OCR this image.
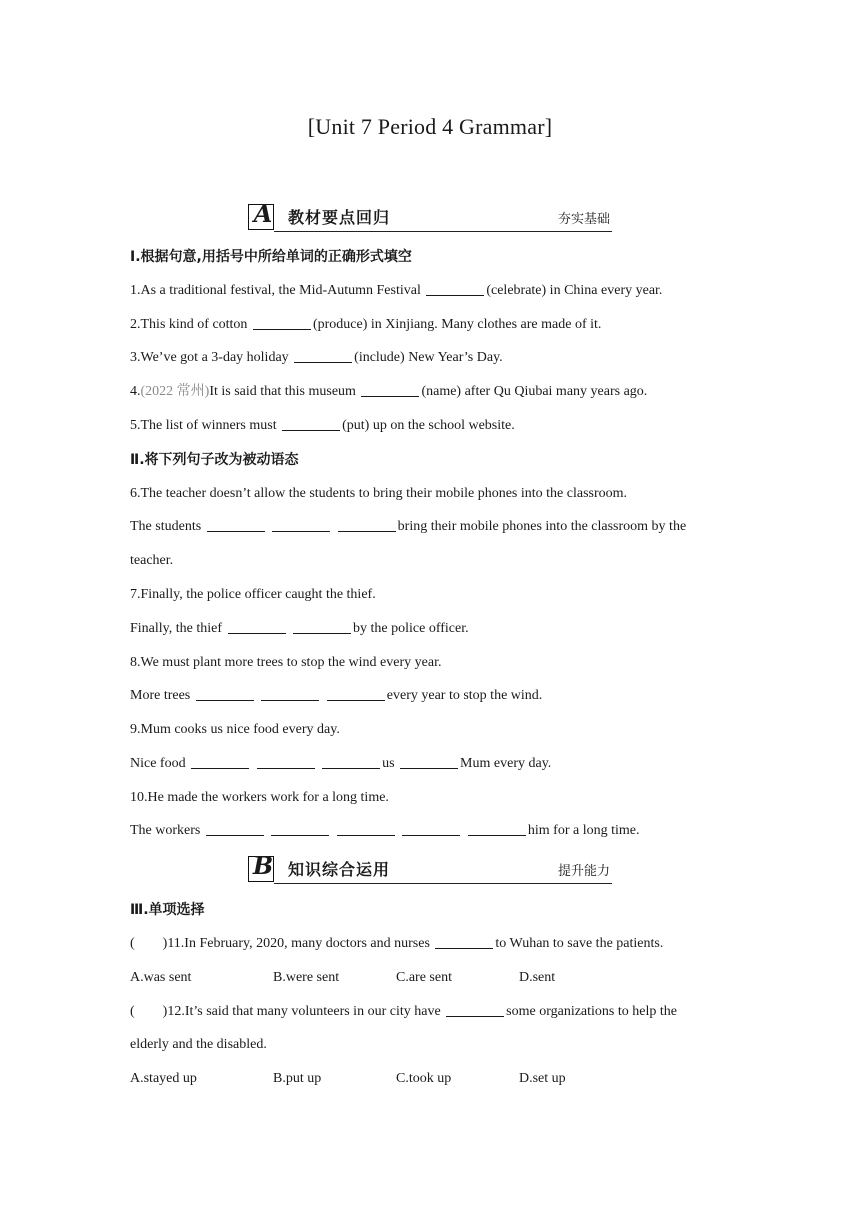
[Unit 7 Period 4 Grammar]
A 教材要点回归	夯实基础
Ⅰ.根据句意,用括号中所给单词的正确形式填空
1.As a traditional festival, the Mid-Autumn Festival	(celebrate) in China every year.
2.This kind of cotton	(produce) in Xinjiang. Many clothes are made of it.
3.We’ve got a 3-day holiday	(include) New Year’s Day.
4.(2022 常州)It is said that this museum	(name) after Qu Qiubai many years ago.
5.The list of winners must	(put) up on the school website.
Ⅱ.将下列句子改为被动语态
6.The teacher doesn’t allow the students to bring their mobile phones into the classroom.
The students	bring their mobile phones into the classroom by the
teacher.
7.Finally, the police officer caught the thief.
Finally, the thief	by the police officer.
8.We must plant more trees to stop the wind every year.
More trees	every year to stop the wind.
9.Mum cooks us nice food every day.
Nice food	us	Mum every day.
10.He made the workers work for a long time.
The workers	him for a long time.
B 知识综合运用	提升能力
Ⅲ.单项选择
(        )11.In February, 2020, many doctors and nurses	to Wuhan to save the patients.
A.was sent	B.were sent	C.are sent	D.sent
(        )12.It’s said that many volunteers in our city have	some organizations to help the
elderly and the disabled.
A.stayed up	B.put up	C.took up	D.set up
